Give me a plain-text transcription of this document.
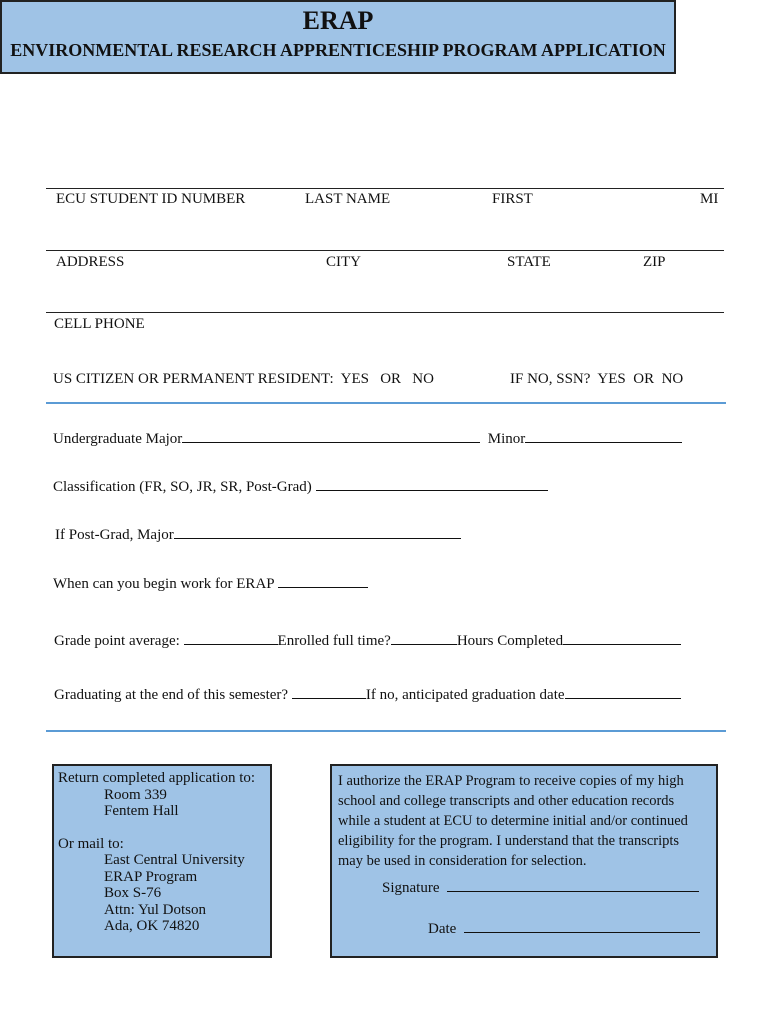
ERAP
ENVIRONMENTAL RESEARCH APPRENTICESHIP PROGRAM APPLICATION
ECU STUDENT ID NUMBER	LAST NAME	FIRST	MI
ADDRESS	CITY	STATE	ZIP
CELL PHONE
US CITIZEN OR PERMANENT RESIDENT: YES OR NO	IF NO, SSN? YES OR NO
Undergraduate Major	Minor
Classification (FR, SO, JR, SR, Post-Grad)
If Post-Grad, Major
When can you begin work for ERAP
Grade point average:	Enrolled full time?	Hours Completed
Graduating at the end of this semester?	If no, anticipated graduation date
Return completed application to:
Room 339
Fentem Hall
Or mail to:
East Central University
ERAP Program
Box S-76
Attn: Yul Dotson
Ada, OK 74820
I authorize the ERAP Program to receive copies of my high
school and college transcripts and other education records
while a student at ECU to determine initial and/or continued
eligibility for the program. I understand that the transcripts
may be used in consideration for selection.
Signature
Date
